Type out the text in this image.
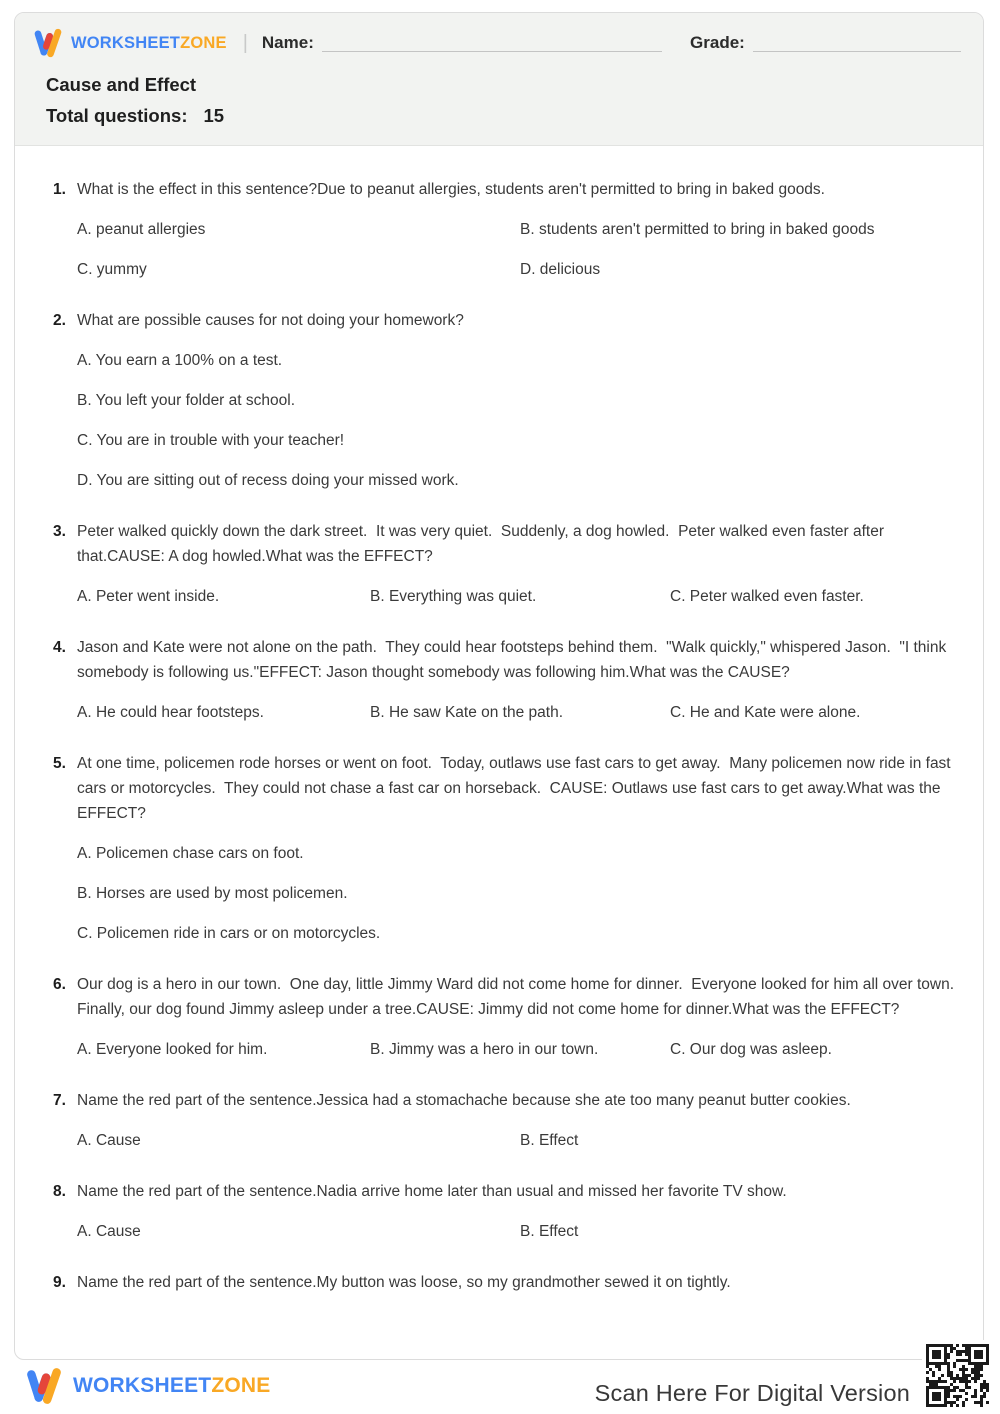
WORKSHEETZONE | Name:	Grade:
Cause and Effect
Total questions: 15
1. What is the effect in this sentence?Due to peanut allergies, students aren't permitted to bring in baked goods.
A. peanut allergies	B. students aren't permitted to bring in baked goods
C. yummy	D. delicious
2. What are possible causes for not doing your homework?
A. You earn a 100% on a test.
B. You left your folder at school.
C. You are in trouble with your teacher!
D. You are sitting out of recess doing your missed work.
3. Peter walked quickly down the dark street.  It was very quiet.  Suddenly, a dog howled.  Peter walked even faster after that.CAUSE: A dog howled.What was the EFFECT?
A. Peter went inside.	B. Everything was quiet.	C. Peter walked even faster.
4. Jason and Kate were not alone on the path.  They could hear footsteps behind them.  "Walk quickly," whispered Jason.  "I think somebody is following us."EFFECT: Jason thought somebody was following him.What was the CAUSE?
A. He could hear footsteps.	B. He saw Kate on the path.	C. He and Kate were alone.
5. At one time, policemen rode horses or went on foot.  Today, outlaws use fast cars to get away.  Many policemen now ride in fast cars or motorcycles.  They could not chase a fast car on horseback.  CAUSE: Outlaws use fast cars to get away.What was the EFFECT?
A. Policemen chase cars on foot.
B. Horses are used by most policemen.
C. Policemen ride in cars or on motorcycles.
6. Our dog is a hero in our town.  One day, little Jimmy Ward did not come home for dinner.  Everyone looked for him all over town.  Finally, our dog found Jimmy asleep under a tree.CAUSE: Jimmy did not come home for dinner.What was the EFFECT?
A. Everyone looked for him.	B. Jimmy was a hero in our town.	C. Our dog was asleep.
7. Name the red part of the sentence.Jessica had a stomachache because she ate too many peanut butter cookies.
A. Cause	B. Effect
8. Name the red part of the sentence.Nadia arrive home later than usual and missed her favorite TV show.
A. Cause	B. Effect
9. Name the red part of the sentence.My button was loose, so my grandmother sewed it on tightly.
WORKSHEETZONE	Scan Here For Digital Version
